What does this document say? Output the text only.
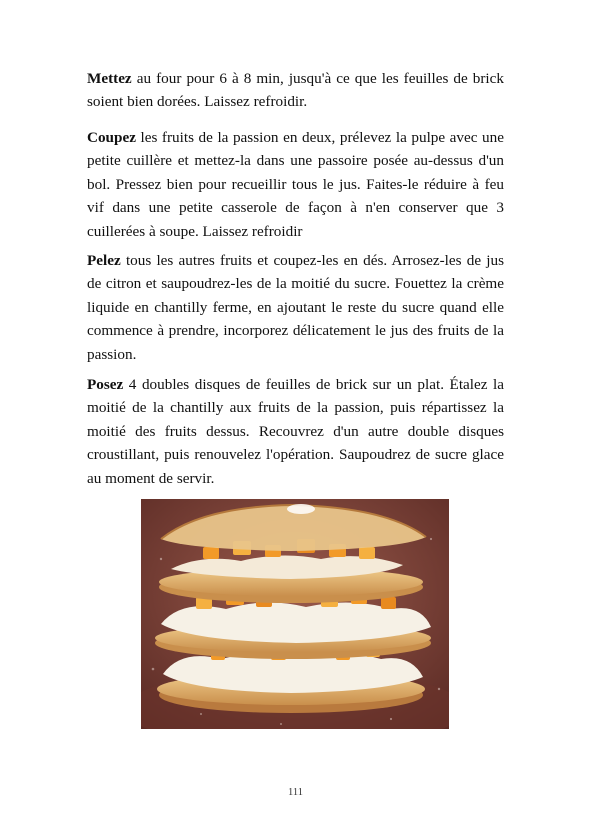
Mettez au four pour 6 à 8 min, jusqu'à ce que les feuilles de brick soient bien dorées. Laissez refroidir.

Coupez les fruits de la passion en deux, prélevez la pulpe avec une petite cuillère et mettez-la dans une passoire posée au-dessus d'un bol. Pressez bien pour recueillir tous le jus. Faites-le réduire à feu vif dans une petite casserole de façon à n'en conserver que 3 cuillerées à soupe. Laissez refroidir

Pelez tous les autres fruits et coupez-les en dés. Arrosez-les de jus de citron et saupoudrez-les de la moitié du sucre. Fouettez la crème liquide en chantilly ferme, en ajoutant le reste du sucre quand elle commence à prendre, incorporez délicatement le jus des fruits de la passion.

Posez 4 doubles disques de feuilles de brick sur un plat. Étalez la moitié de la chantilly aux fruits de la passion, puis répartissez la moitié des fruits dessus. Recouvrez d'un autre double disques croustillant, puis renouvelez l'opération. Saupoudrez de sucre glace au moment de servir.

111
